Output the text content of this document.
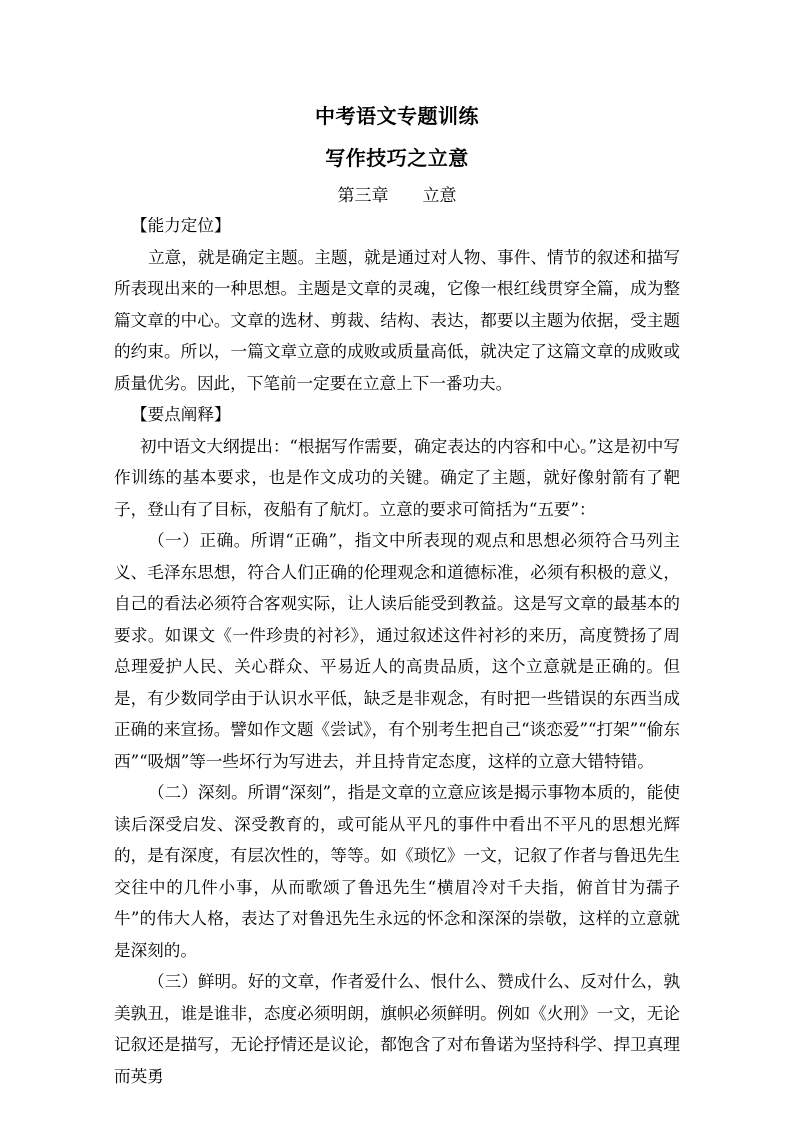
中考语文专题训练
写作技巧之立意
第三章　　立意

【能力定位】

立意，就是确定主题。主题，就是通过对人物、事件、情节的叙述和描写所表现出来的一种思想。主题是文章的灵魂，它像一根红线贯穿全篇，成为整篇文章的中心。文章的选材、剪裁、结构、表达，都要以主题为依据，受主题的约束。所以，一篇文章立意的成败或质量高低，就决定了这篇文章的成败或质量优劣。因此，下笔前一定要在立意上下一番功夫。

【要点阐释】

初中语文大纲提出：“根据写作需要，确定表达的内容和中心。”这是初中写作训练的基本要求，也是作文成功的关键。确定了主题，就好像射箭有了靶子，登山有了目标，夜船有了航灯。立意的要求可简括为“五要”：

（一）正确。所谓“正确”，指文中所表现的观点和思想必须符合马列主义、毛泽东思想，符合人们正确的伦理观念和道德标准，必须有积极的意义，自己的看法必须符合客观实际，让人读后能受到教益。这是写文章的最基本的要求。如课文《一件珍贵的衬衫》，通过叙述这件衬衫的来历，高度赞扬了周总理爱护人民、关心群众、平易近人的高贵品质，这个立意就是正确的。但是，有少数同学由于认识水平低，缺乏是非观念，有时把一些错误的东西当成正确的来宣扬。譬如作文题《尝试》，有个别考生把自己“谈恋爱”“打架”“偷东西”“吸烟”等一些坏行为写进去，并且持肯定态度，这样的立意大错特错。

（二）深刻。所谓“深刻”，指是文章的立意应该是揭示事物本质的，能使读后深受启发、深受教育的，或可能从平凡的事件中看出不平凡的思想光辉的，是有深度，有层次性的，等等。如《琐忆》一文，记叙了作者与鲁迅先生交往中的几件小事，从而歌颂了鲁迅先生“横眉冷对千夫指，俯首甘为孺子牛”的伟大人格，表达了对鲁迅先生永远的怀念和深深的崇敬，这样的立意就是深刻的。

（三）鲜明。好的文章，作者爱什么、恨什么、赞成什么、反对什么，孰美孰丑，谁是谁非，态度必须明朗，旗帜必须鲜明。例如《火刑》一文，无论记叙还是描写，无论抒情还是议论，都饱含了对布鲁诺为坚持科学、捍卫真理而英勇
